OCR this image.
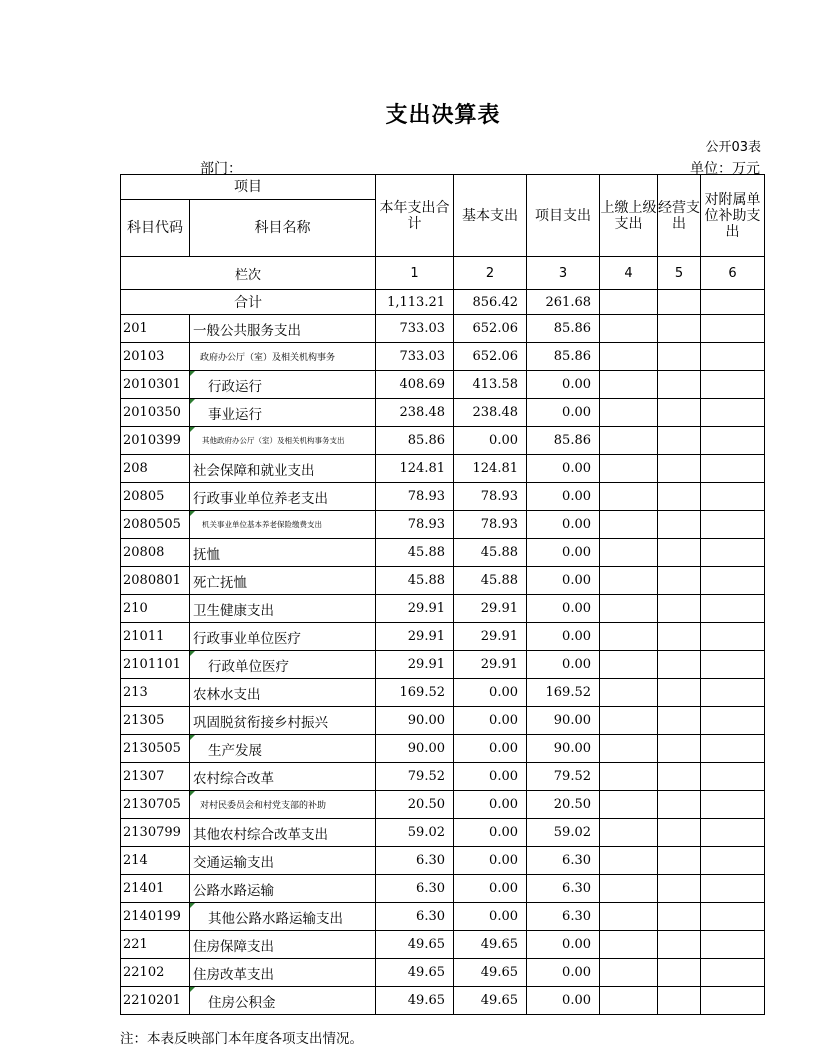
支出决算表
公开03表
部门：	单位：万元
项目		本年支出合计	基本支出	项目支出	上缴上级支出	经营支出	对附属单位补助支出
科目代码	科目名称						
栏次		1	2	3	4	5	6
合计		1,113.21	856.42	261.68			
201	一般公共服务支出	733.03	652.06	85.86			
20103	政府办公厅（室）及相关机构事务	733.03	652.06	85.86			
2010301	行政运行	408.69	413.58	0.00			
2010350	事业运行	238.48	238.48	0.00			
2010399	其他政府办公厅（室）及相关机构事务支出	85.86	0.00	85.86			
208	社会保障和就业支出	124.81	124.81	0.00			
20805	行政事业单位养老支出	78.93	78.93	0.00			
2080505	机关事业单位基本养老保险缴费支出	78.93	78.93	0.00			
20808	抚恤	45.88	45.88	0.00			
2080801	死亡抚恤	45.88	45.88	0.00			
210	卫生健康支出	29.91	29.91	0.00			
21011	行政事业单位医疗	29.91	29.91	0.00			
2101101	行政单位医疗	29.91	29.91	0.00			
213	农林水支出	169.52	0.00	169.52			
21305	巩固脱贫衔接乡村振兴	90.00	0.00	90.00			
2130505	生产发展	90.00	0.00	90.00			
21307	农村综合改革	79.52	0.00	79.52			
2130705	对村民委员会和村党支部的补助	20.50	0.00	20.50			
2130799	其他农村综合改革支出	59.02	0.00	59.02			
214	交通运输支出	6.30	0.00	6.30			
21401	公路水路运输	6.30	0.00	6.30			
2140199	其他公路水路运输支出	6.30	0.00	6.30			
221	住房保障支出	49.65	49.65	0.00			
22102	住房改革支出	49.65	49.65	0.00			
2210201	住房公积金	49.65	49.65	0.00			
注：本表反映部门本年度各项支出情况。
